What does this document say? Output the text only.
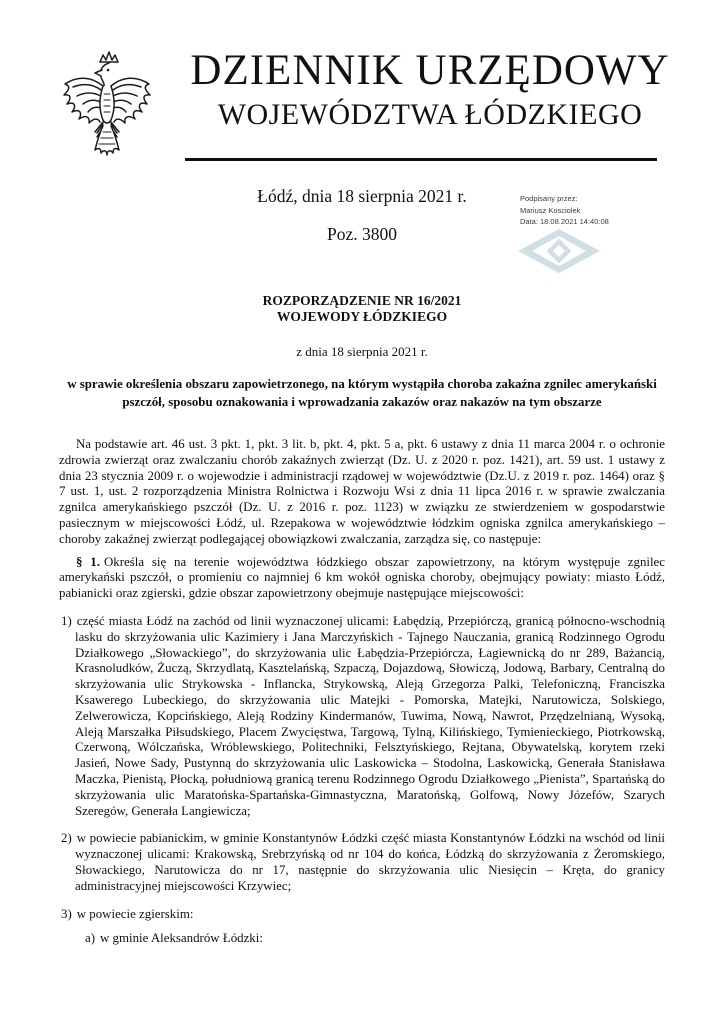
DZIENNIK URZĘDOWY
WOJEWÓDZTWA ŁÓDZKIEGO
Łódź, dnia 18 sierpnia 2021 r.
Poz. 3800
Podpisany przez:
Mariusz Kosciolek
Data: 18.08.2021 14:40:08
ROZPORZĄDZENIE NR 16/2021
WOJEWODY ŁÓDZKIEGO
z dnia 18 sierpnia 2021 r.
w sprawie określenia obszaru zapowietrzonego, na którym wystąpiła choroba zakaźna zgnilec amerykański pszczół, sposobu oznakowania i wprowadzania zakazów oraz nakazów na tym obszarze

Na podstawie art. 46 ust. 3 pkt. 1, pkt. 3 lit. b, pkt. 4, pkt. 5 a, pkt. 6 ustawy z dnia 11 marca 2004 r. o ochronie zdrowia zwierząt oraz zwalczaniu chorób zakaźnych zwierząt (Dz. U. z 2020 r. poz. 1421), art. 59 ust. 1 ustawy z dnia 23 stycznia 2009 r. o wojewodzie i administracji rządowej w województwie (Dz.U. z 2019 r. poz. 1464) oraz § 7 ust. 1, ust. 2 rozporządzenia Ministra Rolnictwa i Rozwoju Wsi z dnia 11 lipca 2016 r. w sprawie zwalczania zgnilca amerykańskiego pszczół (Dz. U. z 2016 r. poz. 1123) w związku ze stwierdzeniem w gospodarstwie pasiecznym w miejscowości Łódź, ul. Rzepakowa w województwie łódzkim ogniska zgnilca amerykańskiego – choroby zakaźnej zwierząt podlegającej obowiązkowi zwalczania, zarządza się, co następuje:

§ 1. Określa się na terenie województwa łódzkiego obszar zapowietrzony, na którym występuje zgnilec amerykański pszczół, o promieniu co najmniej 6 km wokół ogniska choroby, obejmujący powiaty: miasto Łódź, pabianicki oraz zgierski, gdzie obszar zapowietrzony obejmuje następujące miejscowości:
1) część miasta Łódź na zachód od linii wyznaczonej ulicami: Łabędzią, Przepiórczą, granicą północno-wschodnią lasku do skrzyżowania ulic Kazimiery i Jana Marczyńskich - Tajnego Nauczania, granicą Rodzinnego Ogrodu Działkowego „Słowackiego”, do skrzyżowania ulic Łabędzia-Przepiórcza, Łagiewnicką do nr 289, Bażancią, Krasnoludków, Żuczą, Skrzydlatą, Kasztelańską, Szpaczą, Dojazdową, Słowiczą, Jodową, Barbary, Centralną do skrzyżowania ulic Strykowska - Inflancka, Strykowską, Aleją Grzegorza Palki, Telefoniczną, Franciszka Ksawerego Lubeckiego, do skrzyżowania ulic Matejki - Pomorska, Matejki, Narutowicza, Solskiego, Zelwerowicza, Kopcińskiego, Aleją Rodziny Kindermanów, Tuwima, Nową, Nawrot, Przędzelnianą, Wysoką, Aleją Marszałka Piłsudskiego, Placem Zwycięstwa, Targową, Tylną, Kilińskiego, Tymienieckiego, Piotrkowską, Czerwoną, Wólczańska, Wróblewskiego, Politechniki, Felsztyńskiego, Rejtana, Obywatelską, korytem rzeki Jasień, Nowe Sady, Pustynną do skrzyżowania ulic Laskowicka – Stodolna, Laskowicką, Generała Stanisława Maczka, Pienistą, Płocką, południową granicą terenu Rodzinnego Ogrodu Działkowego „Pienista”, Spartańską do skrzyżowania ulic Maratońska-Spartańska-Gimnastyczna, Maratońską, Golfową, Nowy Józefów, Szarych Szeregów, Generała Langiewicza;
2) w powiecie pabianickim, w gminie Konstantynów Łódzki część miasta Konstantynów Łódzki na wschód od linii wyznaczonej ulicami: Krakowską, Srebrzyńską od nr 104 do końca, Łódzką do skrzyżowania z Żeromskiego, Słowackiego, Narutowicza do nr 17, następnie do skrzyżowania ulic Niesięcin – Kręta, do granicy administracyjnej miejscowości Krzywiec;
3) w powiecie zgierskim:
a) w gminie Aleksandrów Łódzki:
